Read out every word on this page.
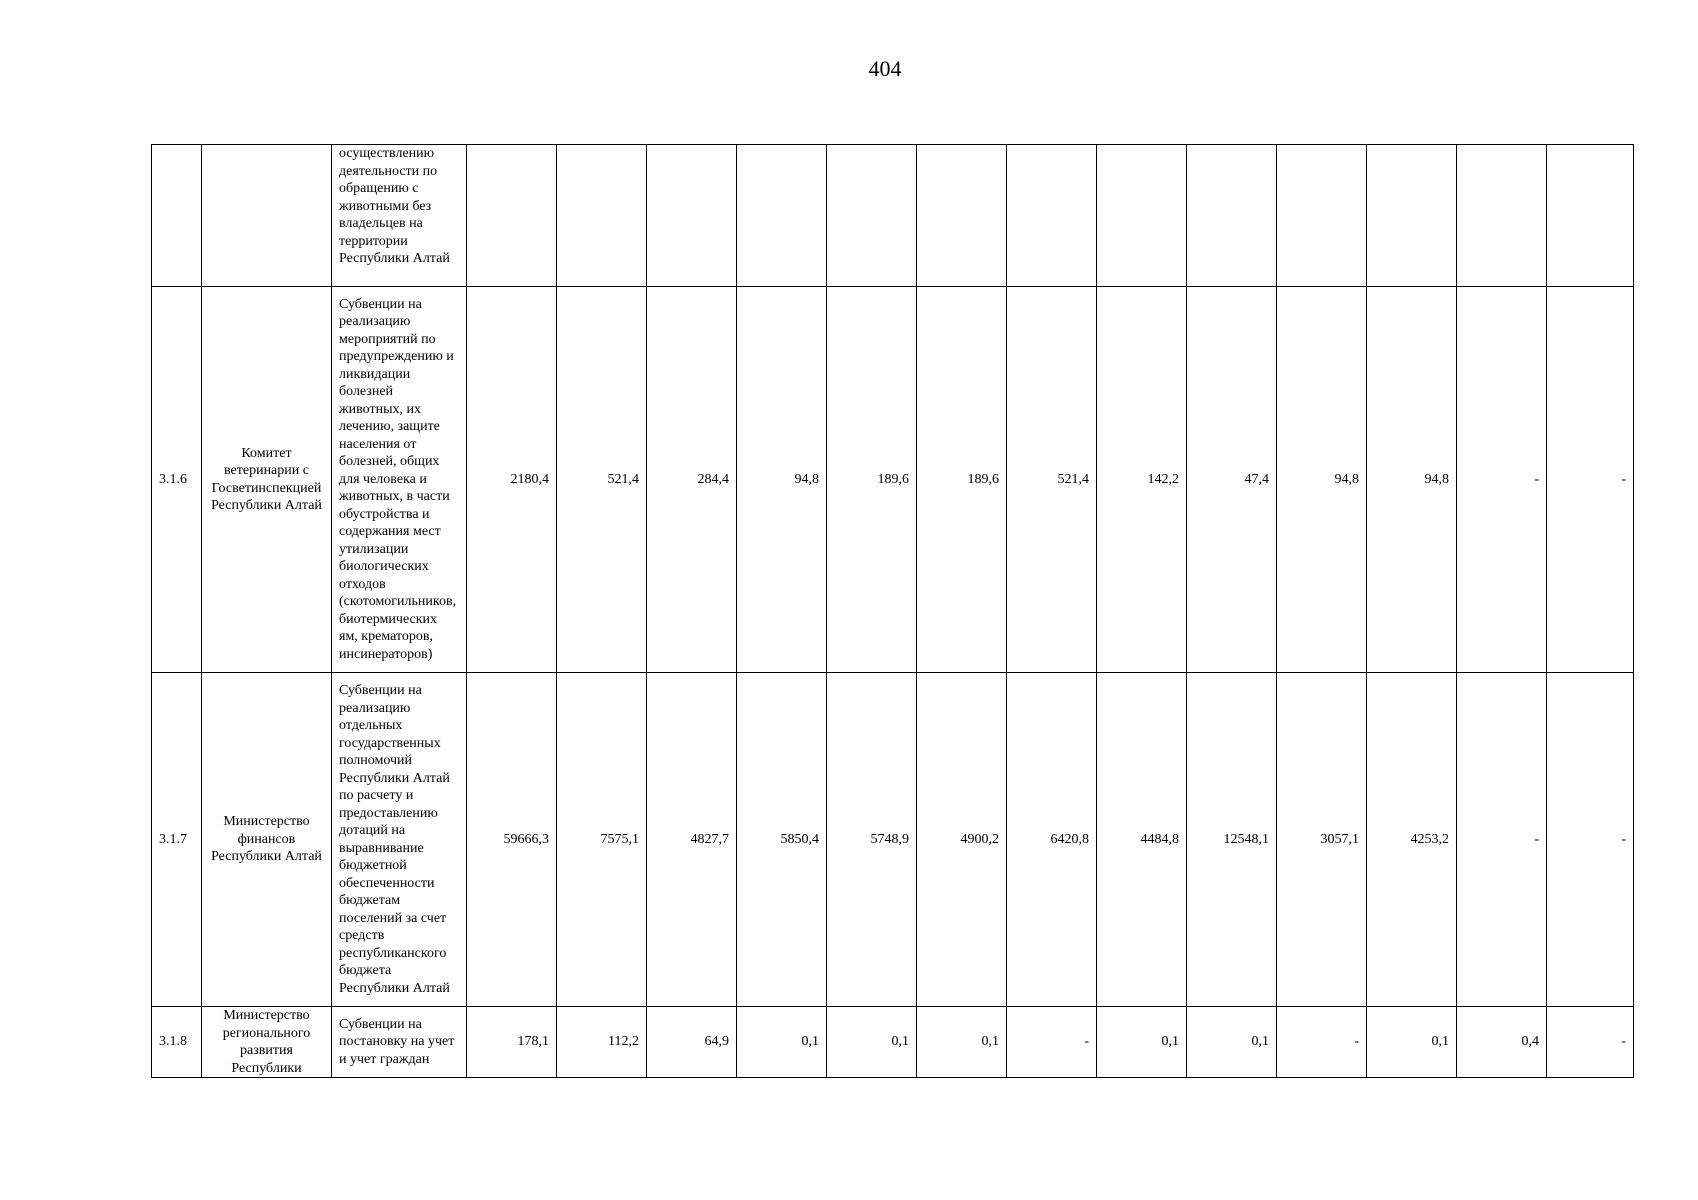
404
		осуществлению деятельности по обращению с животными без владельцев на территории Республики Алтай													
3.1.6	Комитет ветеринарии с Госветинспекцией Республики Алтай	Субвенции на реализацию мероприятий по предупреждению и ликвидации болезней животных, их лечению, защите населения от болезней, общих для человека и животных, в части обустройства и содержания мест утилизации биологических отходов (скотомогильников, биотермических ям, крематоров, инсинераторов)	2180,4	521,4	284,4	94,8	189,6	189,6	521,4	142,2	47,4	94,8	94,8	-	-
3.1.7	Министерство финансов Республики Алтай	Субвенции на реализацию отдельных государственных полномочий Республики Алтай по расчету и предоставлению дотаций на выравнивание бюджетной обеспеченности бюджетам поселений за счет средств республиканского бюджета Республики Алтай	59666,3	7575,1	4827,7	5850,4	5748,9	4900,2	6420,8	4484,8	12548,1	3057,1	4253,2	-	-
3.1.8	Министерство регионального развития Республики	Субвенции на постановку на учет и учет граждан	178,1	112,2	64,9	0,1	0,1	0,1	-	0,1	0,1	-	0,1	0,4	-
